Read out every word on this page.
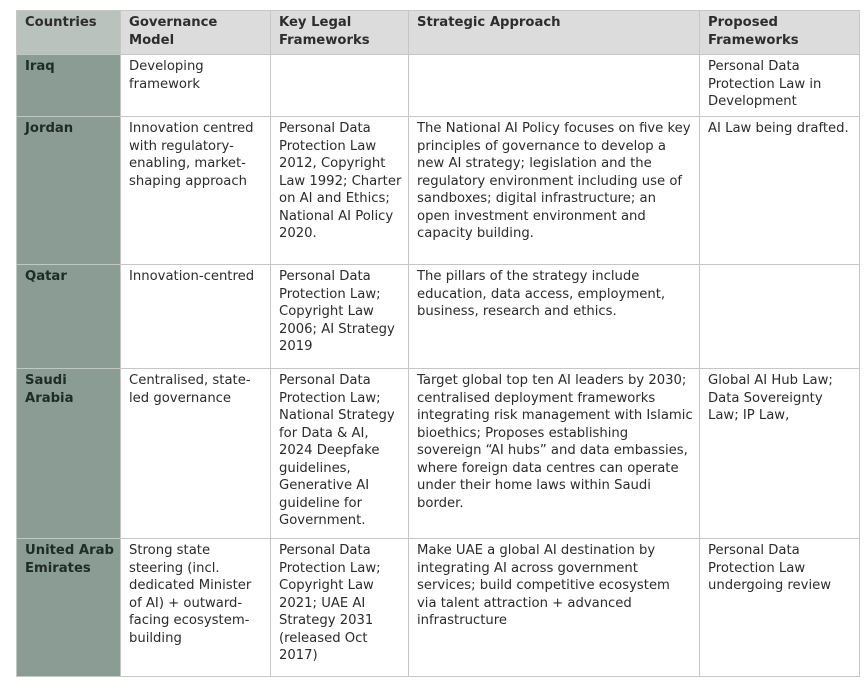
Countries	Governance Model	Key Legal Frameworks	Strategic Approach	Proposed Frameworks
Iraq	Developing framework			Personal Data Protection Law in Development
Jordan	Innovation centred with regulatory-enabling, market-shaping approach	Personal Data Protection Law 2012, Copyright Law 1992; Charter on AI and Ethics; National AI Policy 2020.	The National AI Policy focuses on five key principles of governance to develop a new AI strategy; legislation and the regulatory environment including use of sandboxes; digital infrastructure; an open investment environment and capacity building.	AI Law being drafted.
Qatar	Innovation-centred	Personal Data Protection Law; Copyright Law 2006; AI Strategy 2019	The pillars of the strategy include education, data access, employment, business, research and ethics.	
Saudi Arabia	Centralised, state-led governance	Personal Data Protection Law; National Strategy for Data & AI, 2024 Deepfake guidelines, Generative AI guideline for Government.	Target global top ten AI leaders by 2030; centralised deployment frameworks integrating risk management with Islamic bioethics; Proposes establishing sovereign “AI hubs” and data embassies, where foreign data centres can operate under their home laws within Saudi border.	Global AI Hub Law; Data Sovereignty Law; IP Law,
United Arab Emirates	Strong state steering (incl. dedicated Minister of AI) + outward-facing ecosystem-building	Personal Data Protection Law; Copyright Law 2021; UAE AI Strategy 2031 (released Oct 2017)	Make UAE a global AI destination by integrating AI across government services; build competitive ecosystem via talent attraction + advanced infrastructure	Personal Data Protection Law undergoing review
